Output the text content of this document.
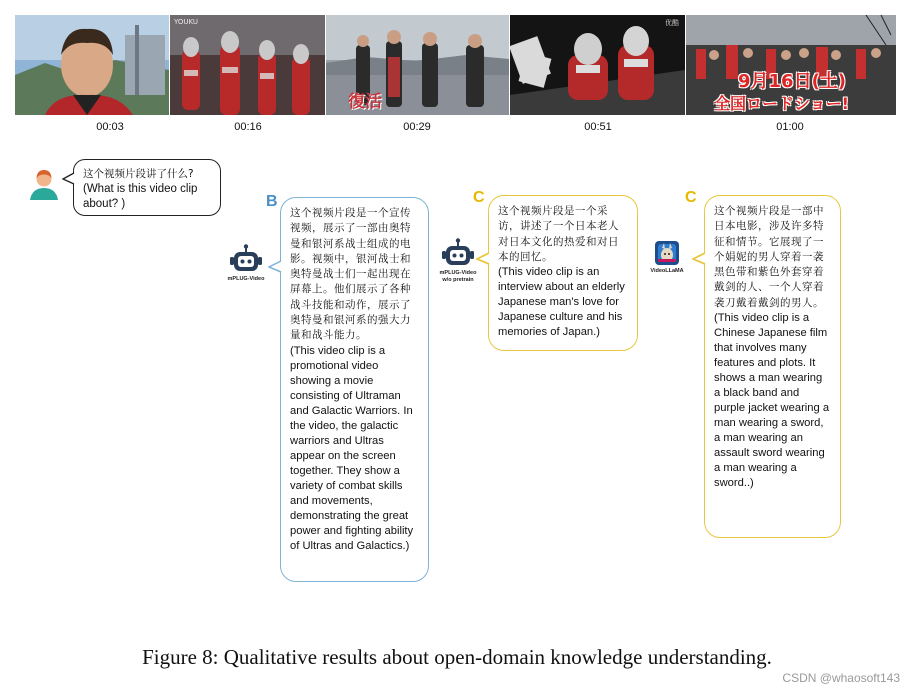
00:03
YOUKU
00:16
復活
00:29
优酷
00:51
9月16日(土)
全国ロードショー!
01:00
这个视频片段讲了什么?
(What is this video clip about? )	B
mPLUG-Video
这个视频片段是一个宣传视频，展示了一部由奥特曼和银河系战士组成的电影。视频中，银河战士和奥特曼战士们一起出现在屏幕上。他们展示了各种战斗技能和动作，展示了奥特曼和银河系的强大力量和战斗能力。
(This video clip is a promotional video showing a movie consisting of Ultraman and Galactic Warriors. In the video, the galactic warriors and Ultras appear on the screen together. They show a variety of combat skills and movements, demonstrating the great power and fighting ability of Ultras and Galactics.)
C
mPLUG-Video
w/o pretrain
这个视频片段是一个采访，讲述了一个日本老人对日本文化的热爱和对日本的回忆。
(This video clip is an interview about an elderly Japanese man's love for Japanese culture and his memories of Japan.)
C
VideoLLaMA
这个视频片段是一部中日本电影，涉及许多特征和情节。它展现了一个娟妮的男人穿着一袭黑色带和紫色外套穿着戴剑的人、一个人穿着袭刀戴着戴剑的男人。
(This video clip is a Chinese Japanese film that involves many features and plots. It shows a man wearing a black band and purple jacket wearing a man wearing a sword, a man wearing an assault sword wearing a man wearing a sword..)
Figure 8: Qualitative results about open-domain knowledge understanding.
CSDN @whaosoft143
